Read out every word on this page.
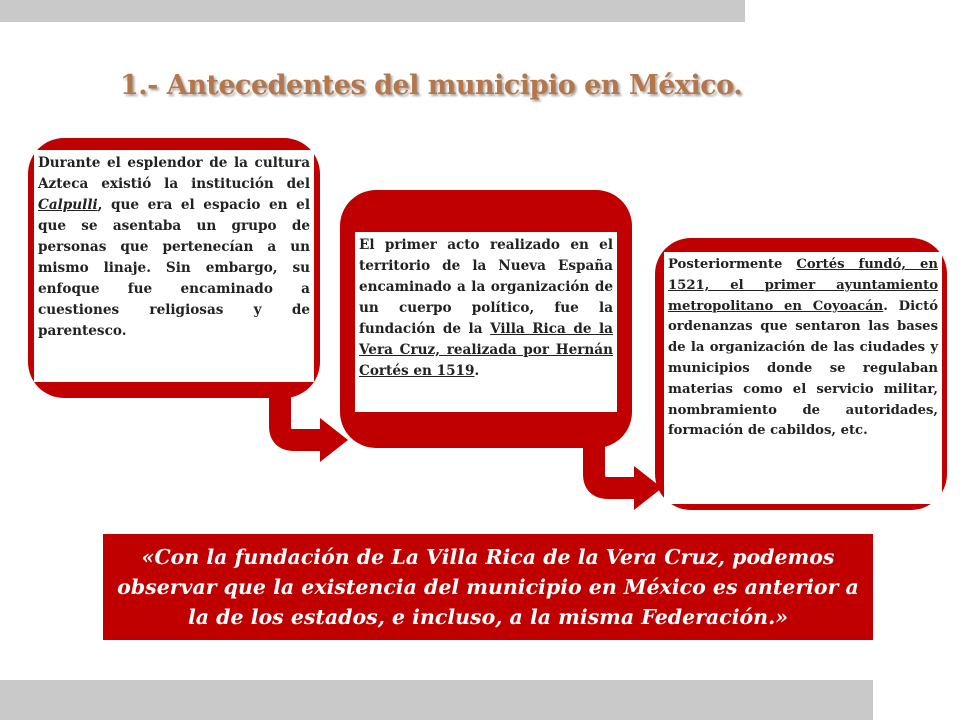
1.- Antecedentes del municipio en México.
Durante el esplendor de la cultura Azteca existió la institución del Calpulli, que era el espacio en el que se asentaba un grupo de personas que pertenecían a un mismo linaje. Sin embargo, su enfoque fue encaminado a cuestiones religiosas y de parentesco.
El primer acto realizado en el territorio de la Nueva España encaminado a la organización de un cuerpo político, fue la fundación de la Villa Rica de la Vera Cruz, realizada por Hernán Cortés en 1519.
Posteriormente Cortés fundó, en 1521, el primer ayuntamiento metropolitano en Coyoacán. Dictó ordenanzas que sentaron las bases de la organización de las ciudades y municipios donde se regulaban materias como el servicio militar, nombramiento de autoridades, formación de cabildos, etc.
«Con la fundación de La Villa Rica de la Vera Cruz, podemos observar que la existencia del municipio en México es anterior a la de los estados, e incluso, a la misma Federación.»
